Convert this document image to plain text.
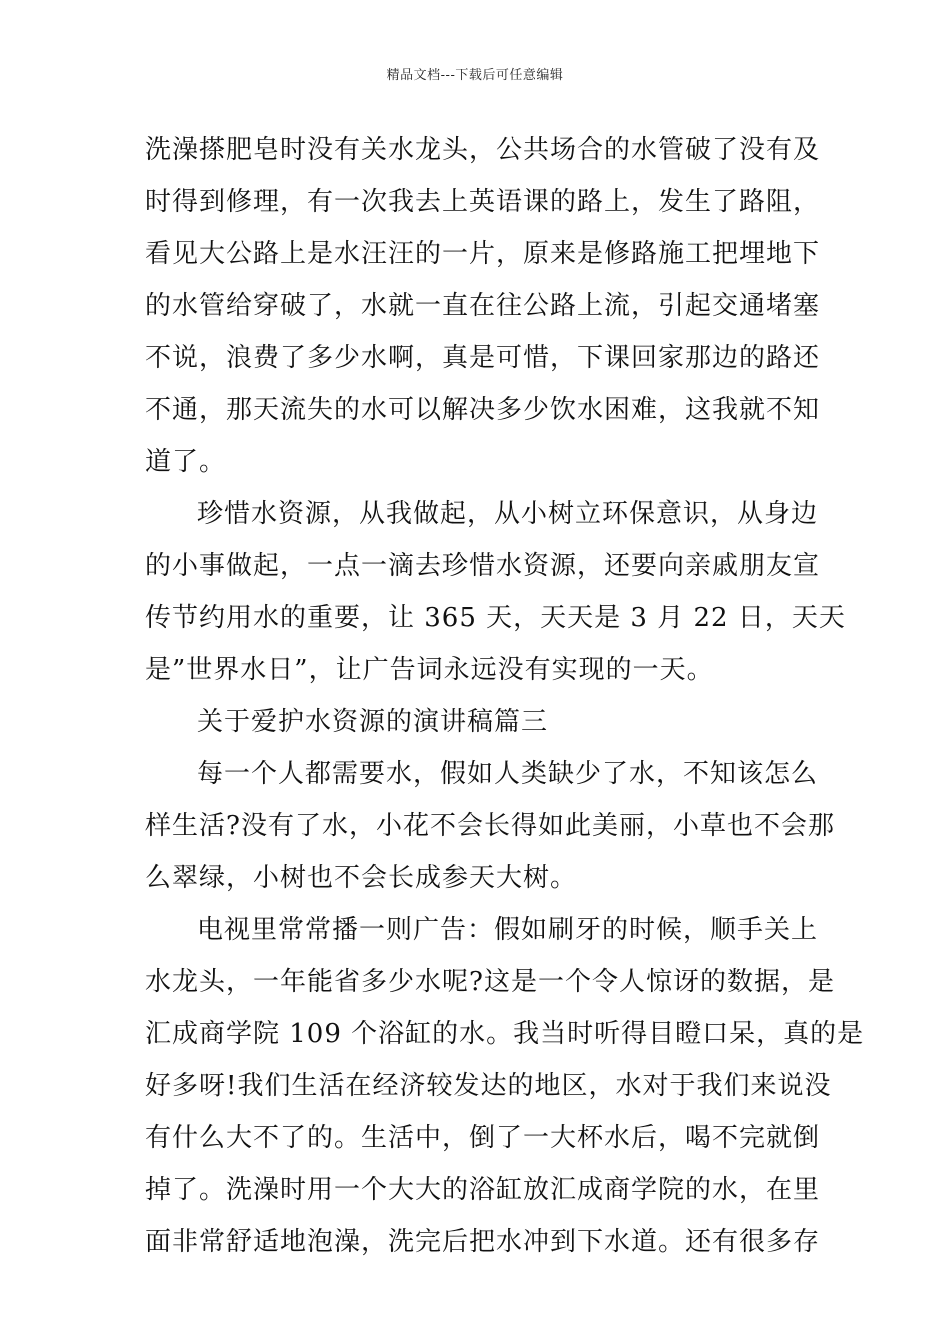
精品文档---下载后可任意编辑
洗澡搽肥皂时没有关水龙头，公共场合的水管破了没有及
时得到修理，有一次我去上英语课的路上，发生了路阻，
看见大公路上是水汪汪的一片，原来是修路施工把埋地下
的水管给穿破了，水就一直在往公路上流，引起交通堵塞
不说，浪费了多少水啊，真是可惜，下课回家那边的路还
不通，那天流失的水可以解决多少饮水困难，这我就不知
道了。
珍惜水资源，从我做起，从小树立环保意识，从身边
的小事做起，一点一滴去珍惜水资源，还要向亲戚朋友宣
传节约用水的重要，让 365 天，天天是 3 月 22 日，天天
是”世界水日”，让广告词永远没有实现的一天。
关于爱护水资源的演讲稿篇三
每一个人都需要水，假如人类缺少了水，不知该怎么
样生活?没有了水，小花不会长得如此美丽，小草也不会那
么翠绿，小树也不会长成参天大树。
电视里常常播一则广告：假如刷牙的时候，顺手关上
水龙头，一年能省多少水呢?这是一个令人惊讶的数据，是
汇成商学院 109 个浴缸的水。我当时听得目瞪口呆，真的是
好多呀!我们生活在经济较发达的地区，水对于我们来说没
有什么大不了的。生活中，倒了一大杯水后，喝不完就倒
掉了。洗澡时用一个大大的浴缸放汇成商学院的水，在里
面非常舒适地泡澡，洗完后把水冲到下水道。还有很多存
